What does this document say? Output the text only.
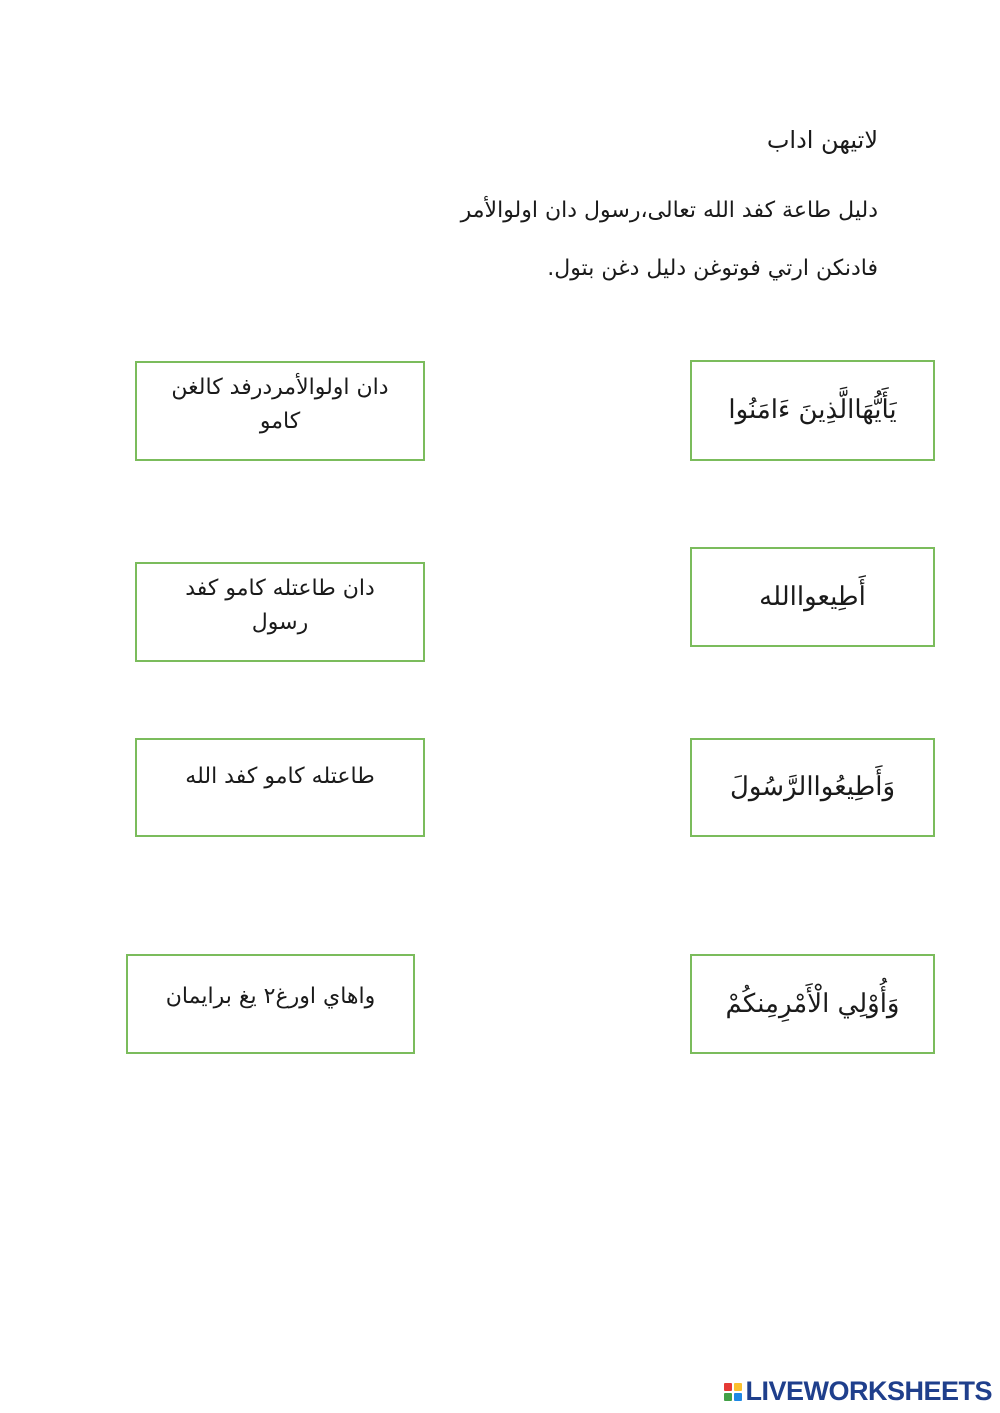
لاتيهن اداب
دليل طاعة كفد الله تعالى،رسول دان اولوالأمر
فادنكن ارتي فوتوغن دليل دغن بتول.
يَأَيُّهَاالَّذِينَ ءَامَنُوا
أَطِيعواالله
وَأَطِيعُواالرَّسُولَ
وَأُوْلِي الْأَمْرِمِنكُمْ
دان اولوالأمردرفد كالغن
كامو
دان طاعتله كامو كفد
رسول
طاعتله كامو كفد الله
واهاي اورغ٢ يغ برايمان
LIVEWORKSHEETS
